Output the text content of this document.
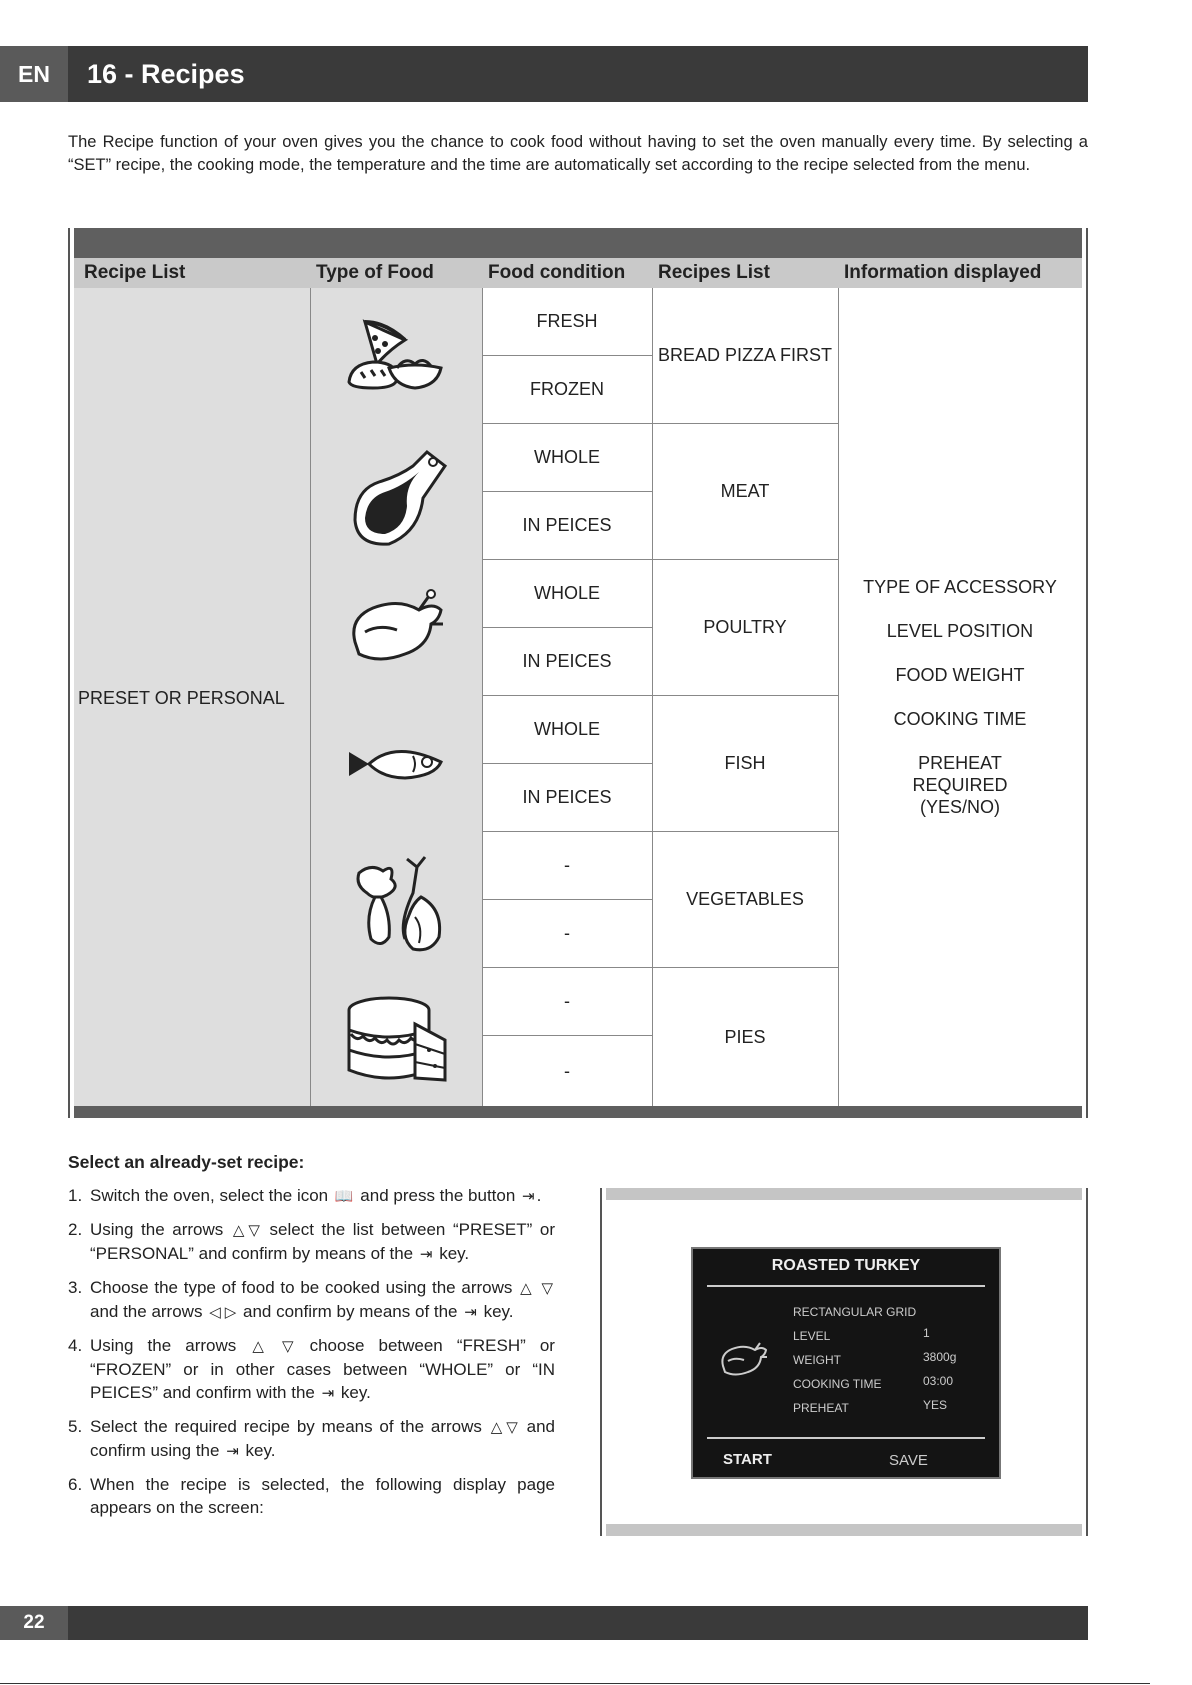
EN	16 - Recipes

The Recipe function of your oven gives you the chance to cook food without having to set the oven manually every time. By selecting a “SET” recipe, the cooking mode, the temperature and the time are automatically set according to the recipe selected from the menu.

Recipe List	Type of Food	Food condition	Recipes List	Information displayed
PRESET OR PERSONAL
FRESH
FROZEN
WHOLE
IN PEICES
WHOLE
IN PEICES
WHOLE
IN PEICES
-
-
-
-
BREAD PIZZA FIRST
MEAT
POULTRY
FISH
VEGETABLES
PIES
TYPE OF ACCESSORY
LEVEL POSITION
FOOD WEIGHT
COOKING TIME
PREHEAT REQUIRED (YES/NO)
Select an already-set recipe:
1. Switch the oven, select the icon 📖 and press the button ⇥ .
2. Using the arrows △ ▽ select the list between “PRESET” or “PERSONAL” and confirm by means of the ⇥ key.
3. Choose the type of food to be cooked using the arrows △ ▽ and the arrows ◁ ▷ and confirm by means of the ⇥ key.
4. Using the arrows △ ▽ choose between “FRESH” or “FROZEN” or in other cases between “WHOLE” or “IN PEICES” and confirm with the ⇥ key.
5. Select the required recipe by means of the arrows △ ▽ and confirm using the ⇥ key.
6. When the recipe is selected, the following display page appears on the screen:
ROASTED TURKEY
RECTANGULAR GRID
LEVEL	1
WEIGHT	3800g
COOKING TIME	03:00
PREHEAT	YES
START	SAVE
22
